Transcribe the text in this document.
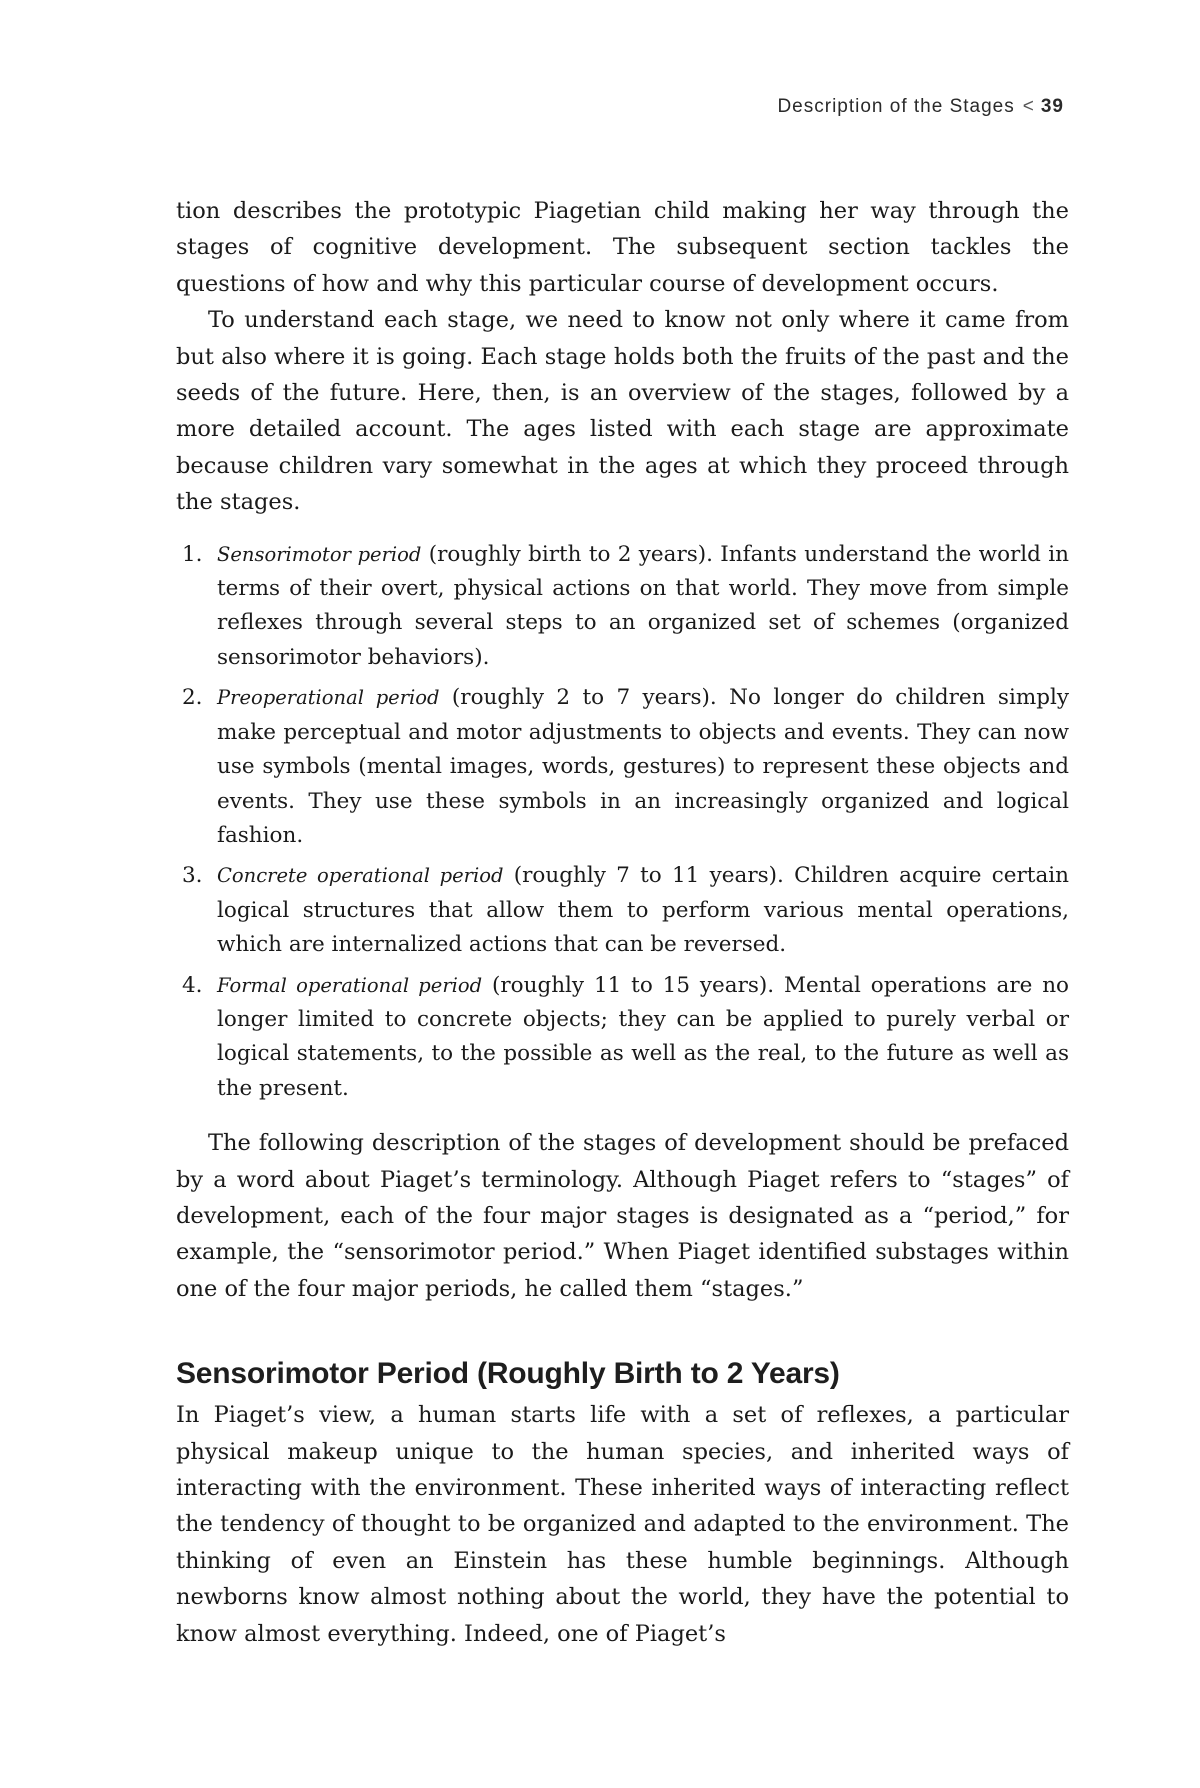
Description of the Stages < 39

tion describes the prototypic Piagetian child making her way through the stages of cognitive development. The subsequent section tackles the questions of how and why this particular course of development occurs.

To understand each stage, we need to know not only where it came from but also where it is going. Each stage holds both the fruits of the past and the seeds of the future. Here, then, is an overview of the stages, followed by a more detailed account. The ages listed with each stage are approximate because children vary somewhat in the ages at which they proceed through the stages.

1. Sensorimotor period (roughly birth to 2 years). Infants understand the world in terms of their overt, physical actions on that world. They move from simple reflexes through several steps to an organized set of schemes (organized sensorimotor behaviors).
2. Preoperational period (roughly 2 to 7 years). No longer do children simply make perceptual and motor adjustments to objects and events. They can now use symbols (mental images, words, gestures) to represent these objects and events. They use these symbols in an increasingly organized and logical fashion.
3. Concrete operational period (roughly 7 to 11 years). Children acquire certain logical structures that allow them to perform various mental operations, which are internalized actions that can be reversed.
4. Formal operational period (roughly 11 to 15 years). Mental operations are no longer limited to concrete objects; they can be applied to purely verbal or logical statements, to the possible as well as the real, to the future as well as the present.

The following description of the stages of development should be prefaced by a word about Piaget’s terminology. Although Piaget refers to “stages” of development, each of the four major stages is designated as a “period,” for example, the “sensorimotor period.” When Piaget identified substages within one of the four major periods, he called them “stages.”

Sensorimotor Period (Roughly Birth to 2 Years)

In Piaget’s view, a human starts life with a set of reflexes, a particular physical makeup unique to the human species, and inherited ways of interacting with the environment. These inherited ways of interacting reflect the tendency of thought to be organized and adapted to the environment. The thinking of even an Einstein has these humble beginnings. Although newborns know almost nothing about the world, they have the potential to know almost everything. Indeed, one of Piaget’s
